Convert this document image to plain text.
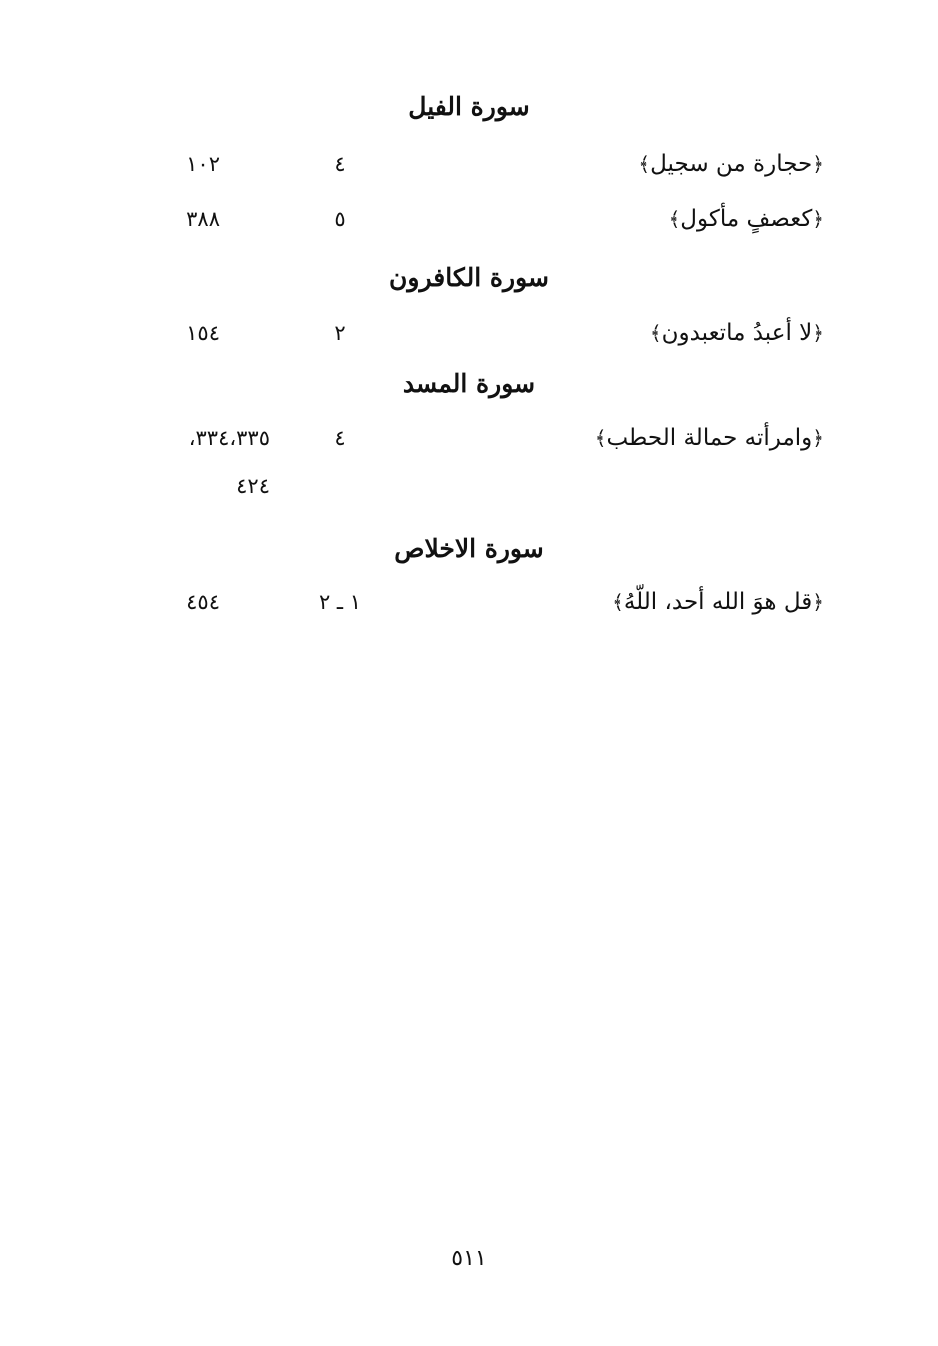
سورة الفيل
﴿حجارة من سجيل﴾
٤
١٠٢
﴿كعصفٍ مأكول﴾
٥
٣٨٨
سورة الكافرون
﴿لا أعبدُ ماتعبدون﴾
٢
١٥٤
سورة المسد
﴿وامرأته حمالة الحطب﴾
٤
٣٣٤،٣٣٥،
٤٢٤
سورة الاخلاص
﴿قل هوَ الله أحد، اللّهُ﴾
١ ـ ٢
٤٥٤
٥١١
